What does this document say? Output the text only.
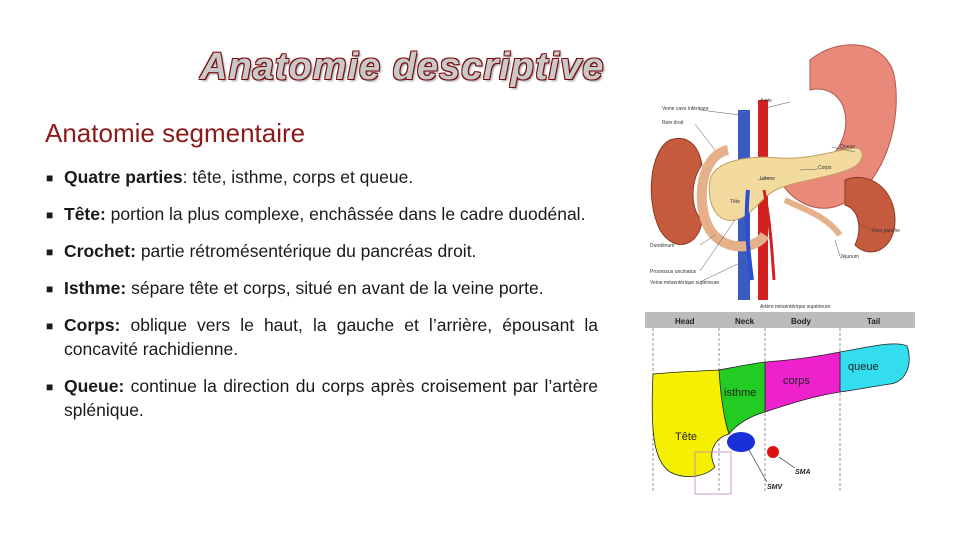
Anatomie descriptive
Anatomie segmentaire
■ Quatre parties: tête, isthme, corps et queue.
■ Tête: portion la plus complexe, enchâssée dans le cadre duodénal.
■ Crochet: partie rétromésentérique du pancréas droit.
■ Isthme: sépare tête et corps, situé en avant de la veine porte.
■ Corps: oblique vers le haut, la gauche et l’arrière, épousant la concavité rachidienne.
■ Queue: continue la direction du corps après croisement par l’artère splénique.
Veine cave inférieure
Aorte
Rein droit
Queue
Corps
Tête
Isthme
Duodénum
Processus uncinatus
Veine mésentérique supérieure
Rein gauche
Jéjunum
Artère mésentérique supérieure
Head	Neck	Body	Tail
Tête
isthme
corps
queue
SMA
SMV
